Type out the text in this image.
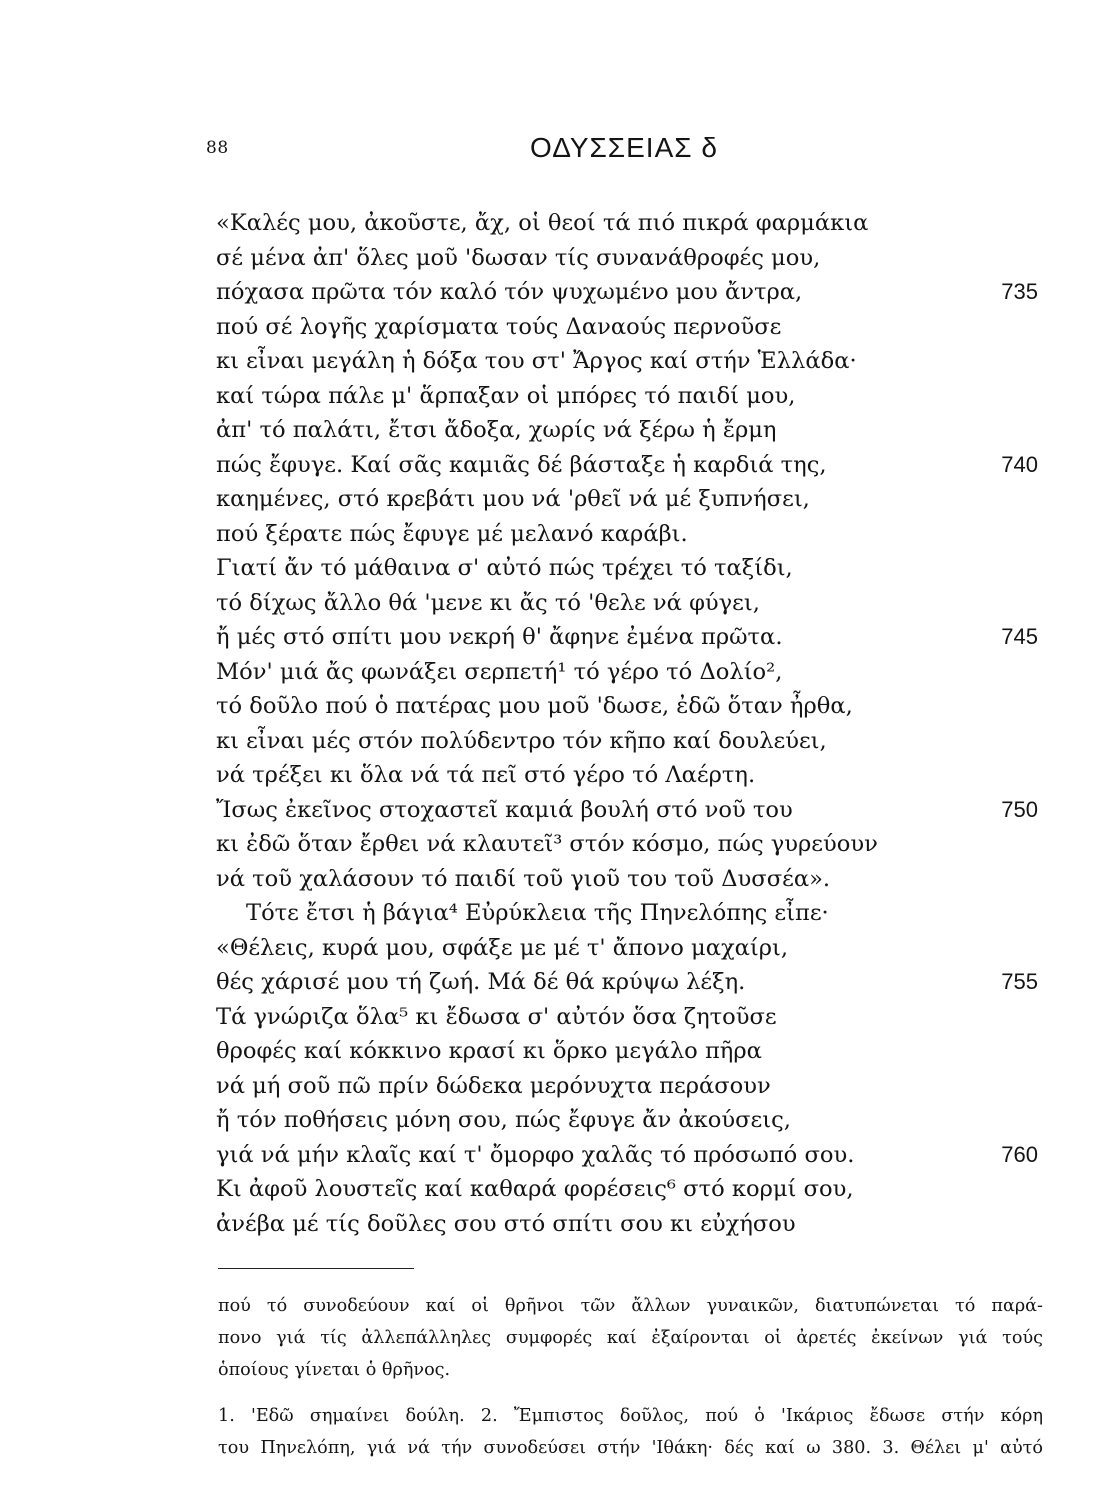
88	ΟΔΥΣΣΕΙΑΣ δ
«Καλές μου, ἀκοῦστε, ἄχ, οἱ θεοί τά πιό πικρά φαρμάκια
σέ μένα ἀπ' ὅλες μοῦ 'δωσαν τίς συνανάθροφές μου,
πόχασα πρῶτα τόν καλό τόν ψυχωμένο μου ἄντρα,	735
πού σέ λογῆς χαρίσματα τούς Δαναούς περνοῦσε
κι εἶναι μεγάλη ἡ δόξα του στ' Ἄργος καί στήν Ἑλλάδα·
καί τώρα πάλε μ' ἅρπαξαν οἱ μπόρες τό παιδί μου,
ἀπ' τό παλάτι, ἔτσι ἄδοξα, χωρίς νά ξέρω ἡ ἔρμη
πώς ἔφυγε. Καί σᾶς καμιᾶς δέ βάσταξε ἡ καρδιά της,	740
καημένες, στό κρεβάτι μου νά 'ρθεῖ νά μέ ξυπνήσει,
πού ξέρατε πώς ἔφυγε μέ μελανό καράβι.
Γιατί ἄν τό μάθαινα σ' αὐτό πώς τρέχει τό ταξίδι,
τό δίχως ἄλλο θά 'μενε κι ἄς τό 'θελε νά φύγει,
ἤ μές στό σπίτι μου νεκρή θ' ἄφηνε ἐμένα πρῶτα.	745
Μόν' μιά ἄς φωνάξει σερπετή¹ τό γέρο τό Δολίο²,
τό δοῦλο πού ὁ πατέρας μου μοῦ 'δωσε, ἐδῶ ὅταν ἦρθα,
κι εἶναι μές στόν πολύδεντρο τόν κῆπο καί δουλεύει,
νά τρέξει κι ὅλα νά τά πεῖ στό γέρο τό Λαέρτη.
Ἴσως ἐκεῖνος στοχαστεῖ καμιά βουλή στό νοῦ του	750
κι ἐδῶ ὅταν ἔρθει νά κλαυτεῖ³ στόν κόσμο, πώς γυρεύουν
νά τοῦ χαλάσουν τό παιδί τοῦ γιοῦ του τοῦ Δυσσέα».
Τότε ἔτσι ἡ βάγια⁴ Εὐρύκλεια τῆς Πηνελόπης εἶπε·
«Θέλεις, κυρά μου, σφάξε με μέ τ' ἄπονο μαχαίρι,
θές χάρισέ μου τή ζωή. Μά δέ θά κρύψω λέξη.	755
Τά γνώριζα ὅλα⁵ κι ἔδωσα σ' αὐτόν ὅσα ζητοῦσε
θροφές καί κόκκινο κρασί κι ὅρκο μεγάλο πῆρα
νά μή σοῦ πῶ πρίν δώδεκα μερόνυχτα περάσουν
ἤ τόν ποθήσεις μόνη σου, πώς ἔφυγε ἄν ἀκούσεις,
γιά νά μήν κλαῖς καί τ' ὄμορφο χαλᾶς τό πρόσωπό σου.	760
Κι ἀφοῦ λουστεῖς καί καθαρά φορέσεις⁶ στό κορμί σου,
ἀνέβα μέ τίς δοῦλες σου στό σπίτι σου κι εὐχήσου
πού τό συνοδεύουν καί οἱ θρῆνοι τῶν ἄλλων γυναικῶν, διατυπώνεται τό παρά-
πονο γιά τίς ἀλλεπάλληλες συμφορές καί ἐξαίρονται οἱ ἀρετές ἐκείνων γιά τούς
ὁποίους γίνεται ὁ θρῆνος.
1. 'Εδῶ σημαίνει δούλη. 2. Ἔμπιστος δοῦλος, πού ὁ 'Ικάριος ἔδωσε στήν κόρη
του Πηνελόπη, γιά νά τήν συνοδεύσει στήν 'Ιθάκη· δές καί ω 380. 3. Θέλει μ' αὐτό
